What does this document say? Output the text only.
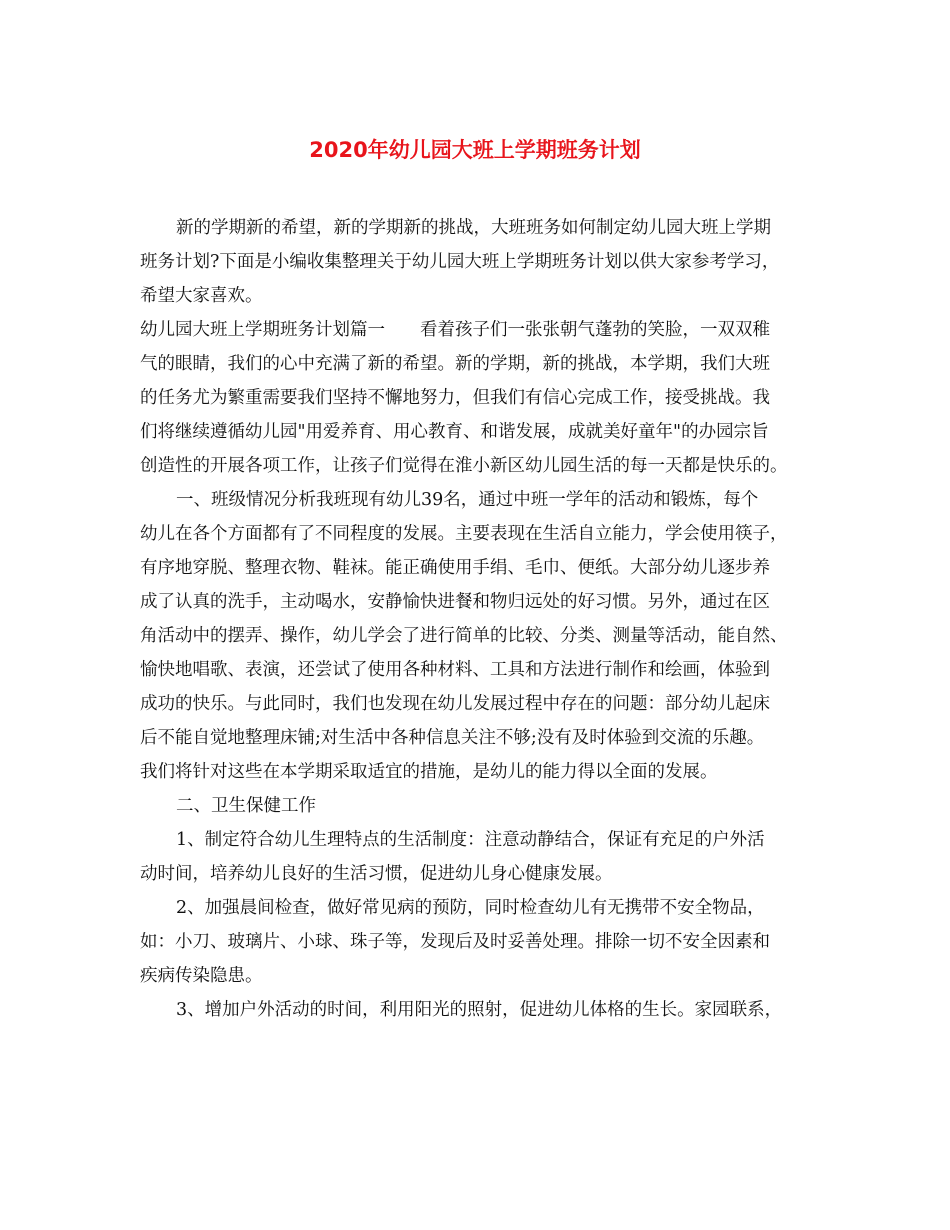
2020年幼儿园大班上学期班务计划
新的学期新的希望，新的学期新的挑战，大班班务如何制定幼儿园大班上学期
班务计划?下面是小编收集整理关于幼儿园大班上学期班务计划以供大家参考学习，
希望大家喜欢。
幼儿园大班上学期班务计划篇一　　看着孩子们一张张朝气蓬勃的笑脸，一双双稚
气的眼睛，我们的心中充满了新的希望。新的学期，新的挑战，本学期，我们大班
的任务尤为繁重需要我们坚持不懈地努力，但我们有信心完成工作，接受挑战。我
们将继续遵循幼儿园"用爱养育、用心教育、和谐发展，成就美好童年"的办园宗旨
创造性的开展各项工作，让孩子们觉得在淮小新区幼儿园生活的每一天都是快乐的。
一、班级情况分析我班现有幼儿39名，通过中班一学年的活动和锻炼，每个
幼儿在各个方面都有了不同程度的发展。主要表现在生活自立能力，学会使用筷子，
有序地穿脱、整理衣物、鞋袜。能正确使用手绢、毛巾、便纸。大部分幼儿逐步养
成了认真的洗手，主动喝水，安静愉快进餐和物归远处的好习惯。另外，通过在区
角活动中的摆弄、操作，幼儿学会了进行简单的比较、分类、测量等活动，能自然、
愉快地唱歌、表演，还尝试了使用各种材料、工具和方法进行制作和绘画，体验到
成功的快乐。与此同时，我们也发现在幼儿发展过程中存在的问题：部分幼儿起床
后不能自觉地整理床铺;对生活中各种信息关注不够;没有及时体验到交流的乐趣。
我们将针对这些在本学期采取适宜的措施，是幼儿的能力得以全面的发展。
二、卫生保健工作
1、制定符合幼儿生理特点的生活制度：注意动静结合，保证有充足的户外活
动时间，培养幼儿良好的生活习惯，促进幼儿身心健康发展。
2、加强晨间检查，做好常见病的预防，同时检查幼儿有无携带不安全物品，
如：小刀、玻璃片、小球、珠子等，发现后及时妥善处理。排除一切不安全因素和
疾病传染隐患。
3、增加户外活动的时间，利用阳光的照射，促进幼儿体格的生长。家园联系，
